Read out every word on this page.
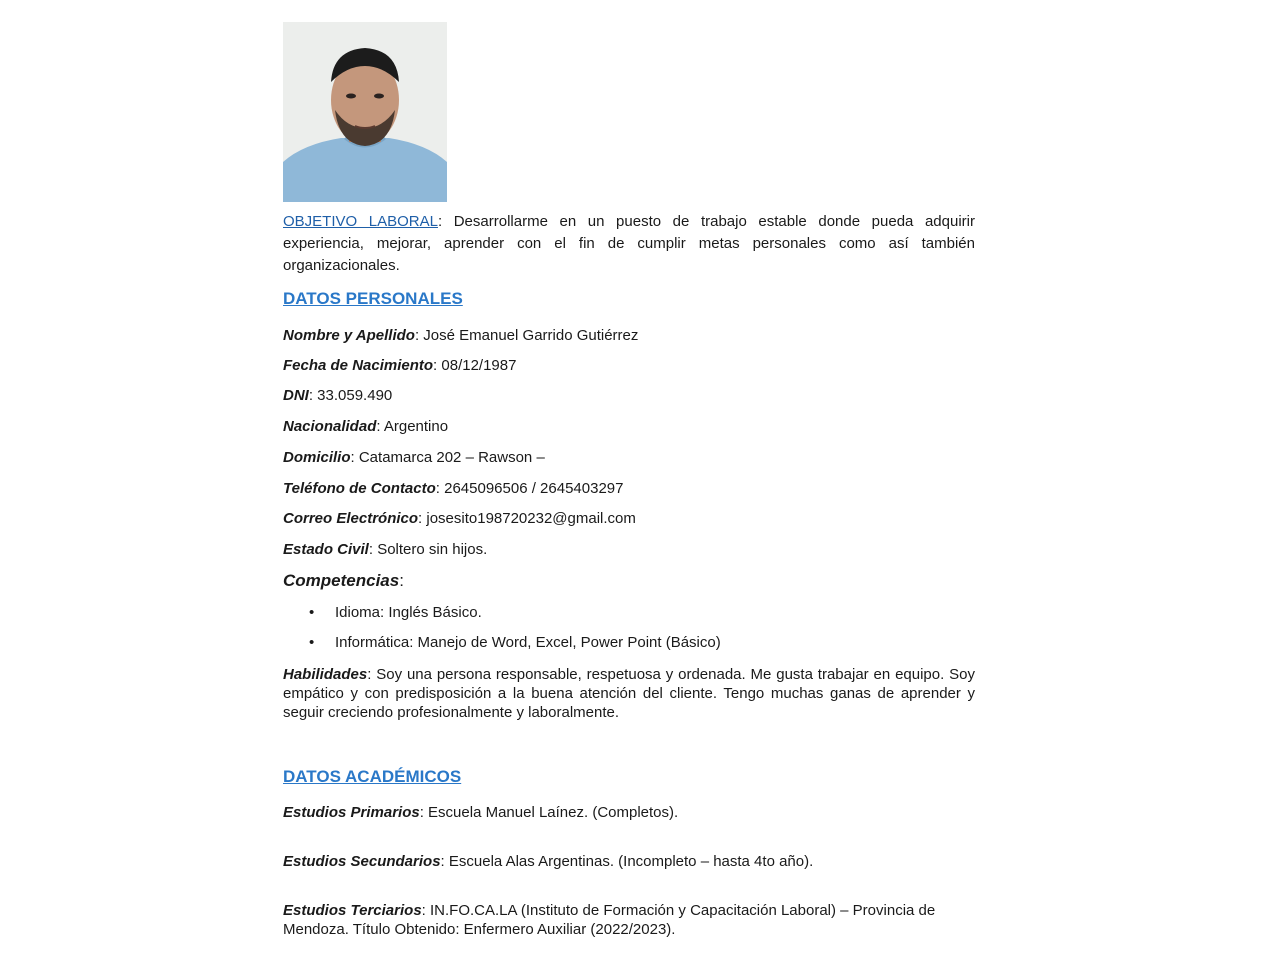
OBJETIVO LABORAL: Desarrollarme en un puesto de trabajo estable donde pueda adquirir experiencia, mejorar, aprender con el fin de cumplir metas personales como así también organizacionales.
DATOS PERSONALES
Nombre y Apellido: José Emanuel Garrido Gutiérrez
Fecha de Nacimiento: 08/12/1987
DNI: 33.059.490
Nacionalidad: Argentino
Domicilio: Catamarca 202 – Rawson –
Teléfono de Contacto: 2645096506 / 2645403297
Correo Electrónico: josesito198720232@gmail.com
Estado Civil: Soltero sin hijos.
Competencias:
•	Idioma: Inglés Básico.
•	Informática: Manejo de Word, Excel, Power Point (Básico)
Habilidades: Soy una persona responsable, respetuosa y ordenada. Me gusta trabajar en equipo. Soy empático y con predisposición a la buena atención del cliente. Tengo muchas ganas de aprender y seguir creciendo profesionalmente y laboralmente.
DATOS ACADÉMICOS
Estudios Primarios: Escuela Manuel Laínez. (Completos).
Estudios Secundarios: Escuela Alas Argentinas. (Incompleto – hasta 4to año).
Estudios Terciarios: IN.FO.CA.LA (Instituto de Formación y Capacitación Laboral) – Provincia de Mendoza. Título Obtenido: Enfermero Auxiliar (2022/2023).
